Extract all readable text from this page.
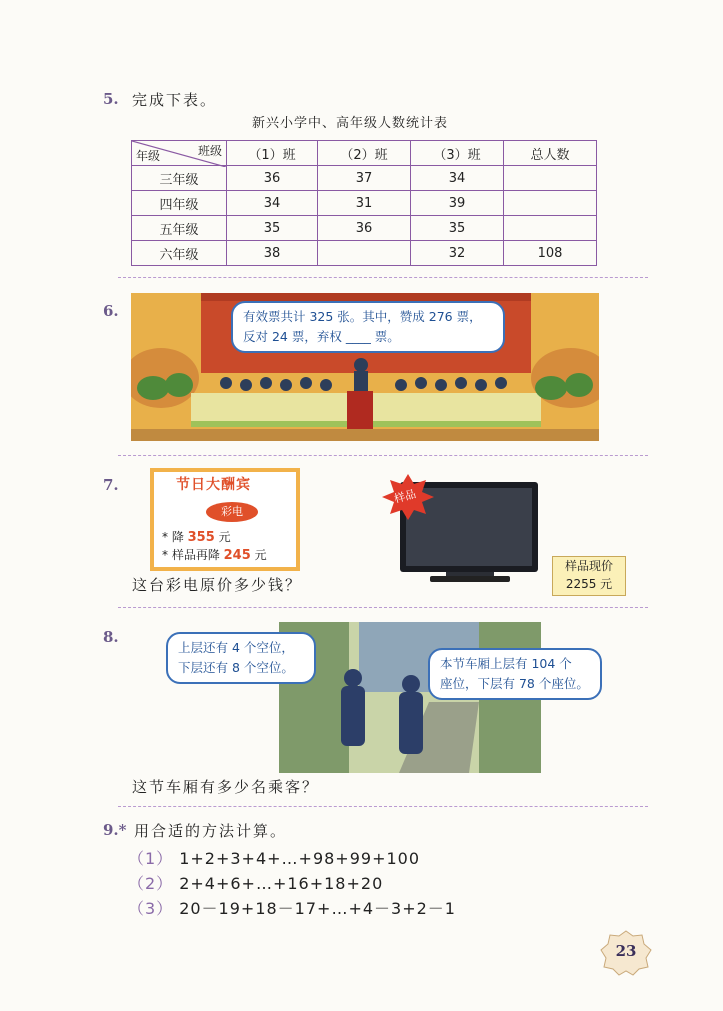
5. 完成下表。
新兴小学中、高年级人数统计表
班级
年级	（1）班	（2）班	（3）班	总人数
三年级	36	37	34	
四年级	34	31	39	
五年级	35	36	35	
六年级	38		32	108
6.	有效票共计 325 张。其中，赞成 276 票，
反对 24 票，弃权 ____ 票。
7.	节日大酬宾
彩电
* 降 355 元
* 样品再降 245 元
样品
样品现价
2255 元
这台彩电原价多少钱？
8.
上层还有 4 个空位，
下层还有 8 个空位。	本节车厢上层有 104 个
座位，下层有 78 个座位。
这节车厢有多少名乘客？
9.* 用合适的方法计算。
（1） 1+2+3+4+…+98+99+100
（2） 2+4+6+…+16+18+20
（3） 20－19+18－17+…+4－3+2－1
23
